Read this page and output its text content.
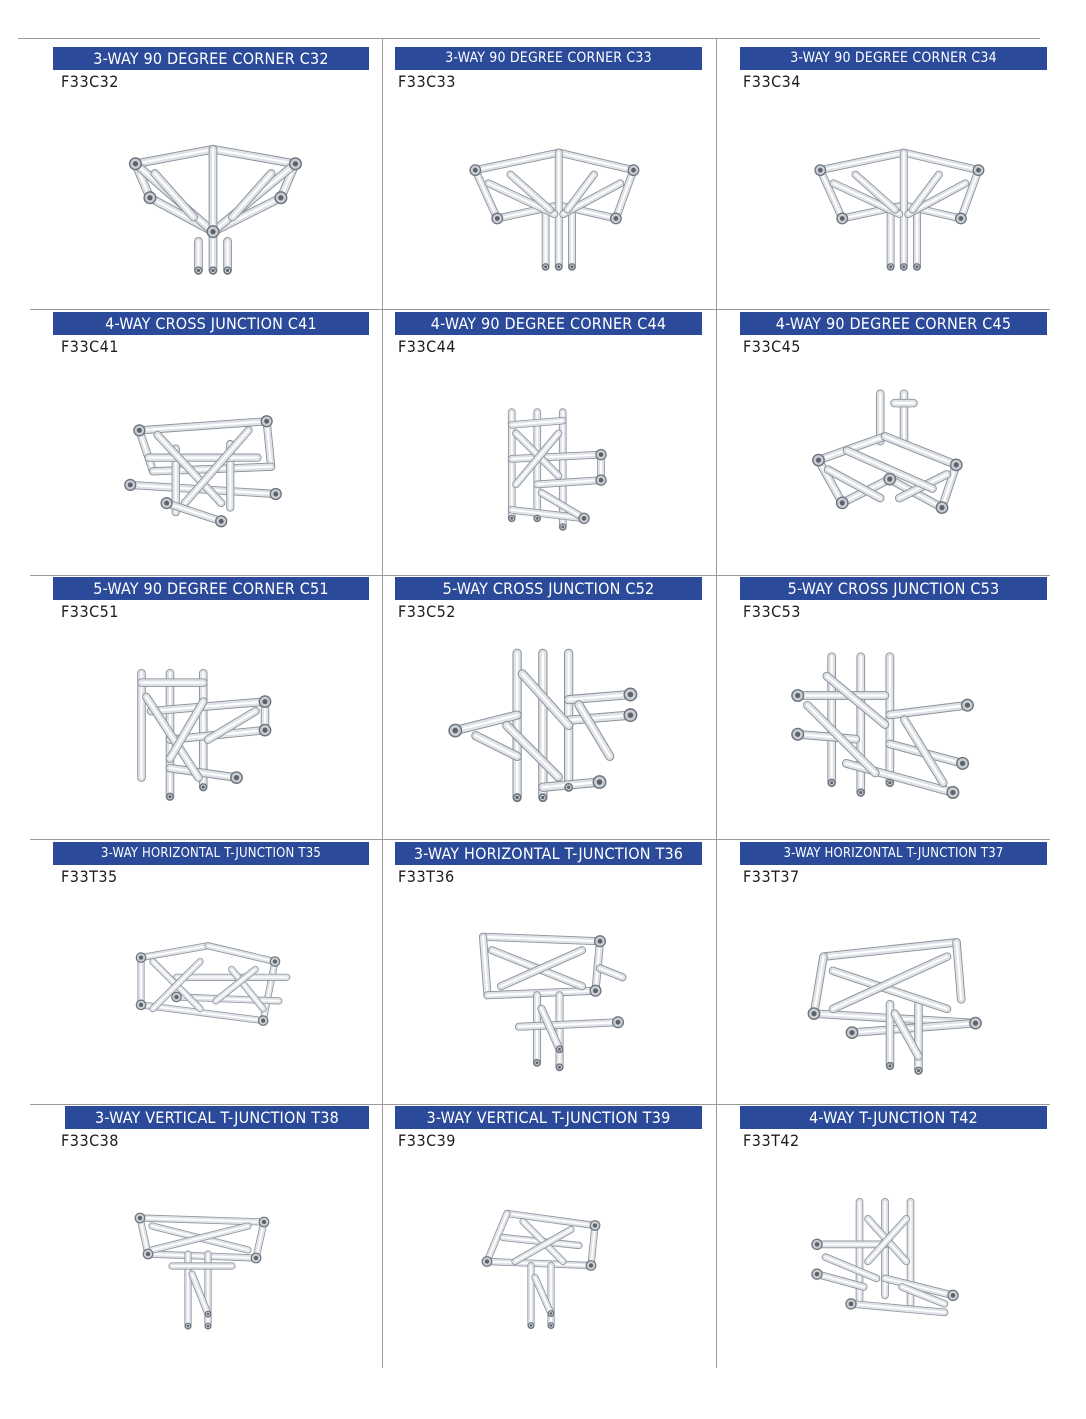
3-WAY 90 DEGREE CORNER C32
F33C32
3-WAY 90 DEGREE CORNER C33
F33C33
3-WAY 90 DEGREE CORNER C34
F33C34
4-WAY CROSS JUNCTION C41
F33C41
4-WAY 90 DEGREE CORNER C44
F33C44
4-WAY 90 DEGREE CORNER C45
F33C45
5-WAY 90 DEGREE CORNER C51
F33C51
5-WAY CROSS JUNCTION C52
F33C52
5-WAY CROSS JUNCTION C53
F33C53
3-WAY HORIZONTAL T-JUNCTION T35
F33T35
3-WAY HORIZONTAL T-JUNCTION T36
F33T36
3-WAY HORIZONTAL T-JUNCTION T37
F33T37
3-WAY VERTICAL T-JUNCTION T38
F33C38
3-WAY VERTICAL T-JUNCTION T39
F33C39
4-WAY T-JUNCTION T42
F33T42
